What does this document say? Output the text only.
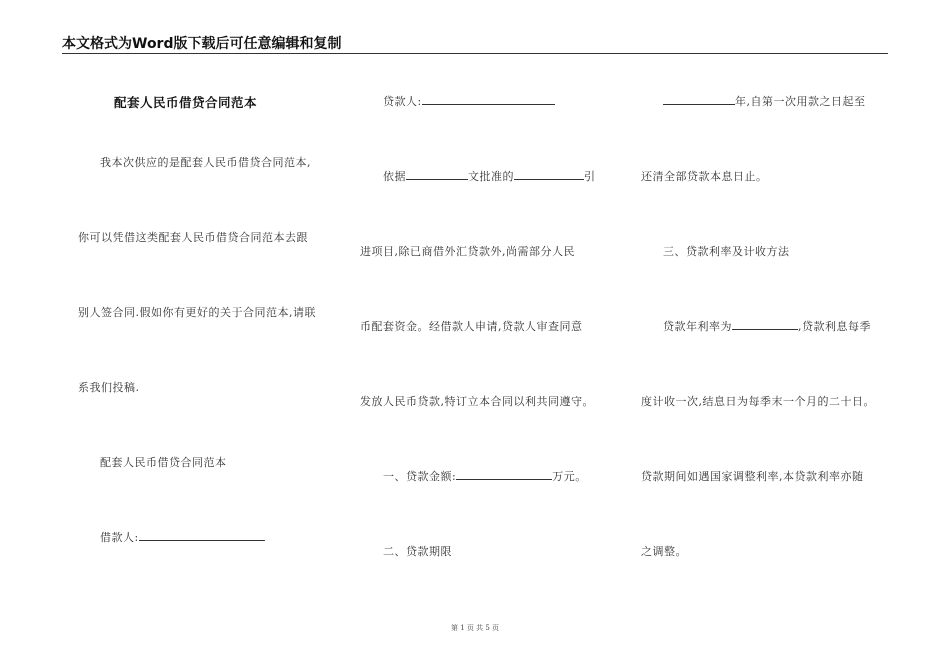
本文格式为Word版下载后可任意编辑和复制
配套人民币借贷合同范本
我本次供应的是配套人民币借贷合同范本,
你可以凭借这类配套人民币借贷合同范本去跟
别人签合同.假如你有更好的关于合同范本,请联
系我们投稿.
配套人民币借贷合同范本
借款人:
贷款人:
依据	文批准的	引
进项目,除已商借外汇贷款外,尚需部分人民
币配套资金。经借款人申请,贷款人审查同意
发放人民币贷款,特订立本合同以利共同遵守。
一、贷款金额:	万元。
二、贷款期限
年,自第一次用款之日起至
还清全部贷款本息日止。
三、贷款利率及计收方法
贷款年利率为	,贷款利息每季
度计收一次,结息日为每季末一个月的二十日。
贷款期间如遇国家调整利率,本贷款利率亦随
之调整。
第 1 页 共 5 页
